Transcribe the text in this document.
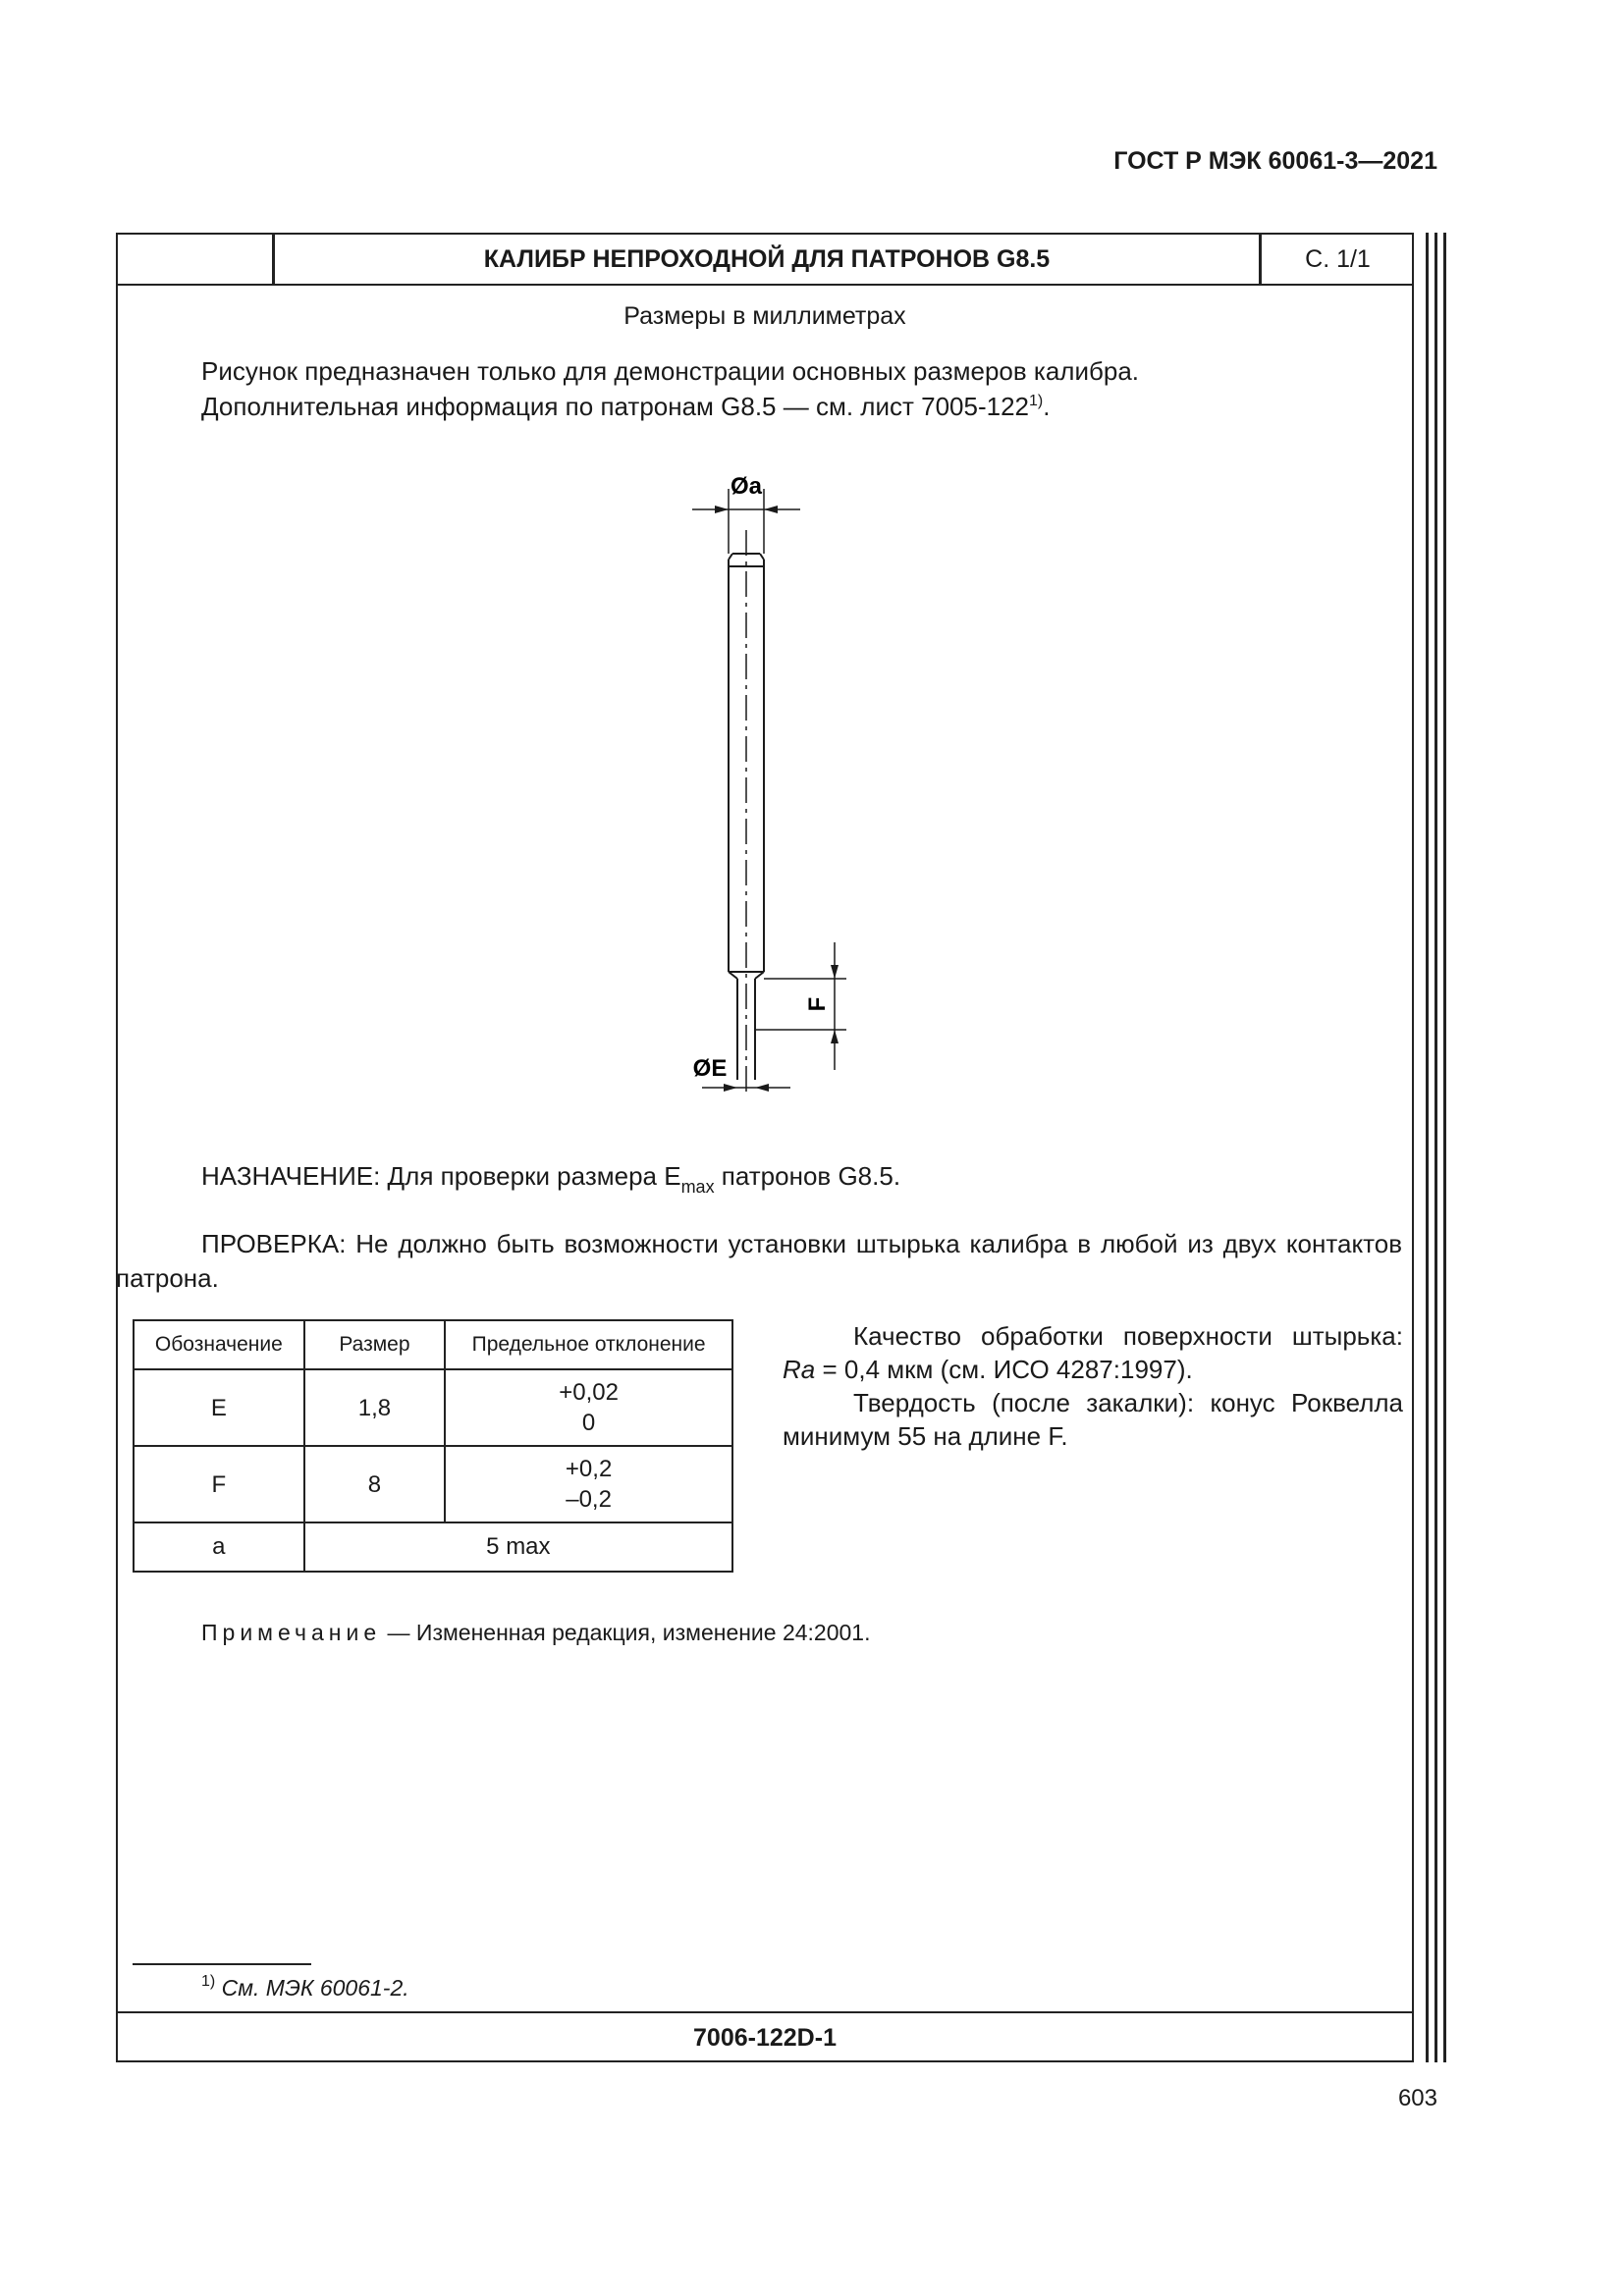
ГОСТ Р МЭК 60061-3—2021
КАЛИБР НЕПРОХОДНОЙ ДЛЯ ПАТРОНОВ G8.5	С. 1/1
Размеры в миллиметрах
Рисунок предназначен только для демонстрации основных размеров калибра.
Дополнительная информация по патронам G8.5 — см. лист 7005-122$^{1)}$.
Øa
ØE
F
НАЗНАЧЕНИЕ: Для проверки размера $E_{max}$ патронов G8.5.
ПРОВЕРКА: Не должно быть возможности установки штырька калибра в любой из двух контактов патрона.
Обозначение	Размер	Предельное отклонение
E	1,8	+0,02
0

F	8	+0,2
–0,2

a	5 max	

Качество обработки поверхности штырька: Ra = 0,4 мкм (см. ИСО 4287:1997).

Твердость (после закалки): конус Роквелла минимум 55 на длине F.

Примечание — Измененная редакция, изменение 24:2001.
$^{1)}$ См. МЭК 60061-2.
7006-122D-1
603
